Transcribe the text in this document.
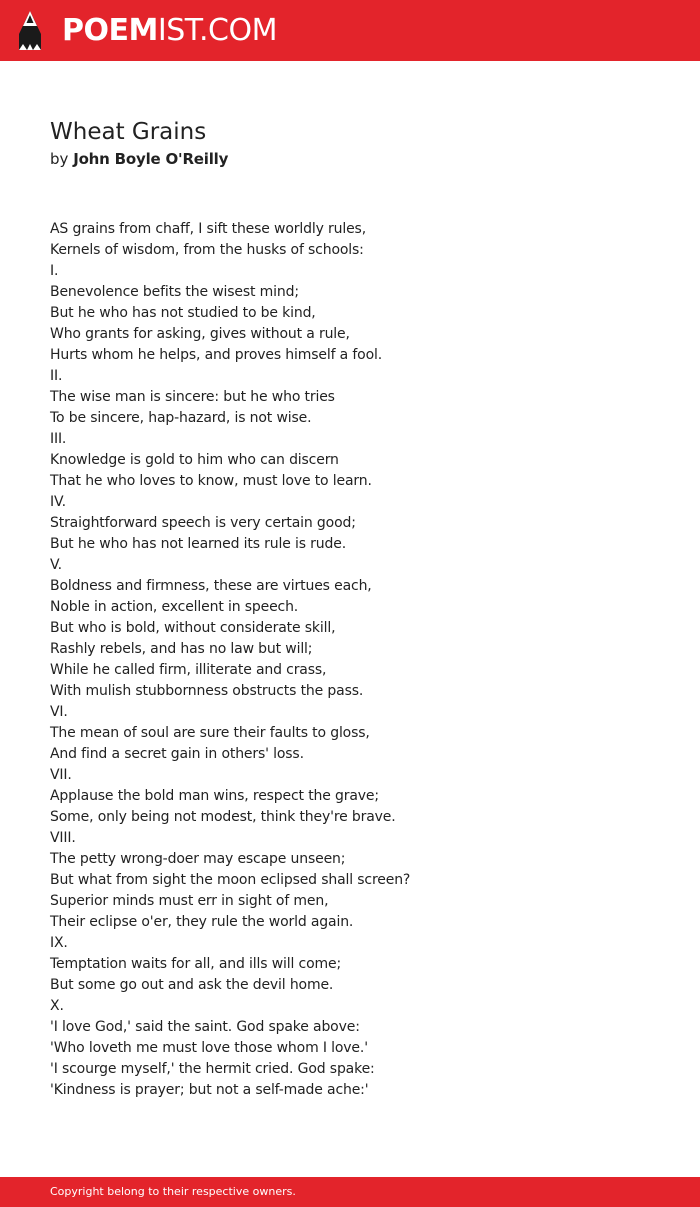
POEMIST.COM
Wheat Grains
by John Boyle O'Reilly
AS grains from chaff, I sift these worldly rules,
Kernels of wisdom, from the husks of schools:
I.
Benevolence befits the wisest mind;
But he who has not studied to be kind,
Who grants for asking, gives without a rule,
Hurts whom he helps, and proves himself a fool.
II.
The wise man is sincere: but he who tries
To be sincere, hap-hazard, is not wise.
III.
Knowledge is gold to him who can discern
That he who loves to know, must love to learn.
IV.
Straightforward speech is very certain good;
But he who has not learned its rule is rude.
V.
Boldness and firmness, these are virtues each,
Noble in action, excellent in speech.
But who is bold, without considerate skill,
Rashly rebels, and has no law but will;
While he called firm, illiterate and crass,
With mulish stubbornness obstructs the pass.
VI.
The mean of soul are sure their faults to gloss,
And find a secret gain in others' loss.
VII.
Applause the bold man wins, respect the grave;
Some, only being not modest, think they're brave.
VIII.
The petty wrong-doer may escape unseen;
But what from sight the moon eclipsed shall screen?
Superior minds must err in sight of men,
Their eclipse o'er, they rule the world again.
IX.
Temptation waits for all, and ills will come;
But some go out and ask the devil home.
X.
'I love God,' said the saint. God spake above:
'Who loveth me must love those whom I love.'
'I scourge myself,' the hermit cried. God spake:
'Kindness is prayer; but not a self-made ache:'
Copyright belong to their respective owners.
